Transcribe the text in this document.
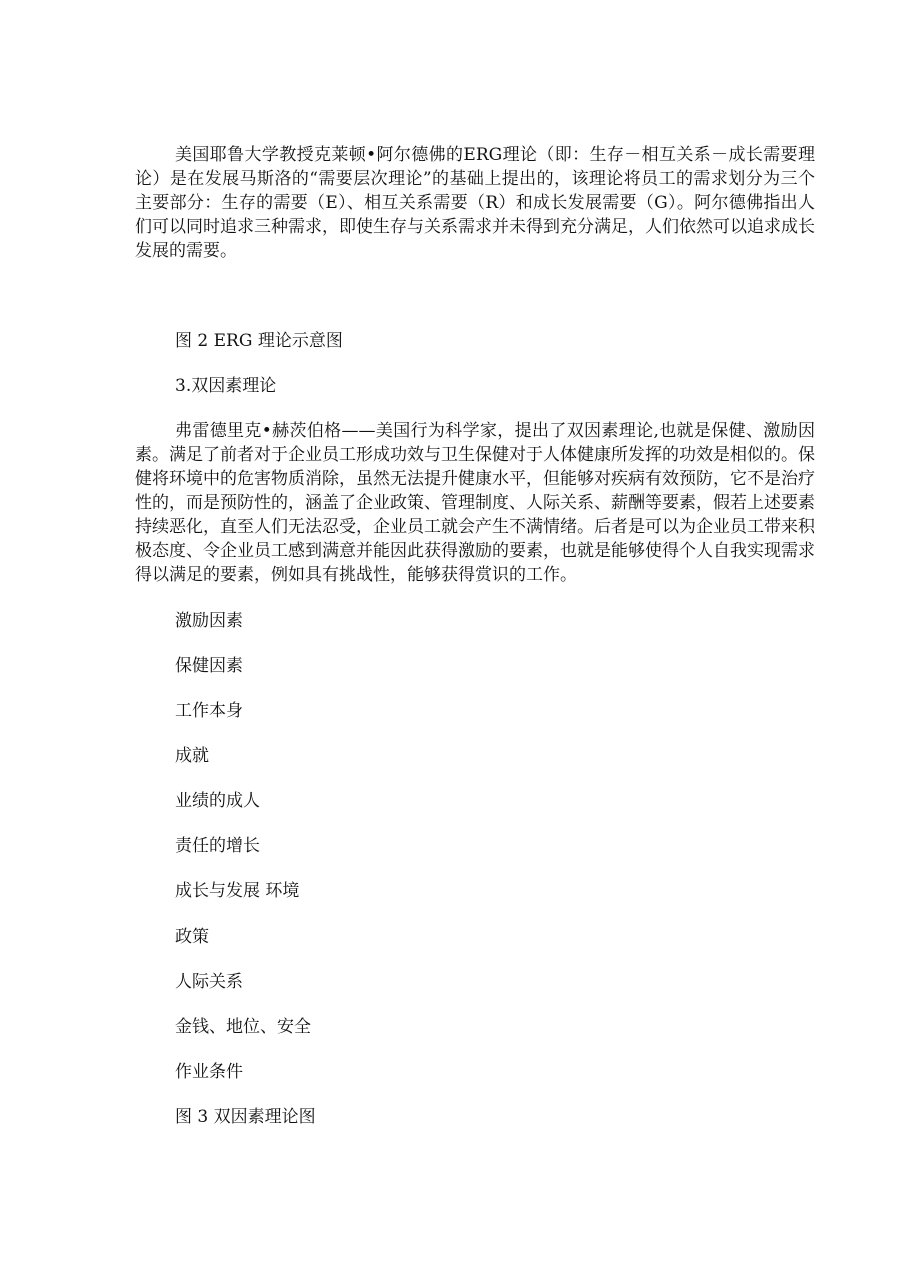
美国耶鲁大学教授克莱顿•阿尔德佛的ERG理论（即：生存－相互关系－成长需要理论）是在发展马斯洛的“需要层次理论”的基础上提出的，该理论将员工的需求划分为三个主要部分：生存的需要（E）、相互关系需要（R）和成长发展需要（G）。阿尔德佛指出人们可以同时追求三种需求，即使生存与关系需求并未得到充分满足，人们依然可以追求成长发展的需要。

图 2 ERG 理论示意图

3.双因素理论

弗雷德里克•赫茨伯格——美国行为科学家，提出了双因素理论,也就是保健、激励因素。满足了前者对于企业员工形成功效与卫生保健对于人体健康所发挥的功效是相似的。保健将环境中的危害物质消除，虽然无法提升健康水平，但能够对疾病有效预防，它不是治疗性的，而是预防性的，涵盖了企业政策、管理制度、人际关系、薪酬等要素，假若上述要素持续恶化，直至人们无法忍受，企业员工就会产生不满情绪。后者是可以为企业员工带来积极态度、令企业员工感到满意并能因此获得激励的要素，也就是能够使得个人自我实现需求得以满足的要素，例如具有挑战性，能够获得赏识的工作。

激励因素

保健因素

工作本身

成就

业绩的成人

责任的增长

成长与发展 环境

政策

人际关系

金钱、地位、安全

作业条件

图 3 双因素理论图
